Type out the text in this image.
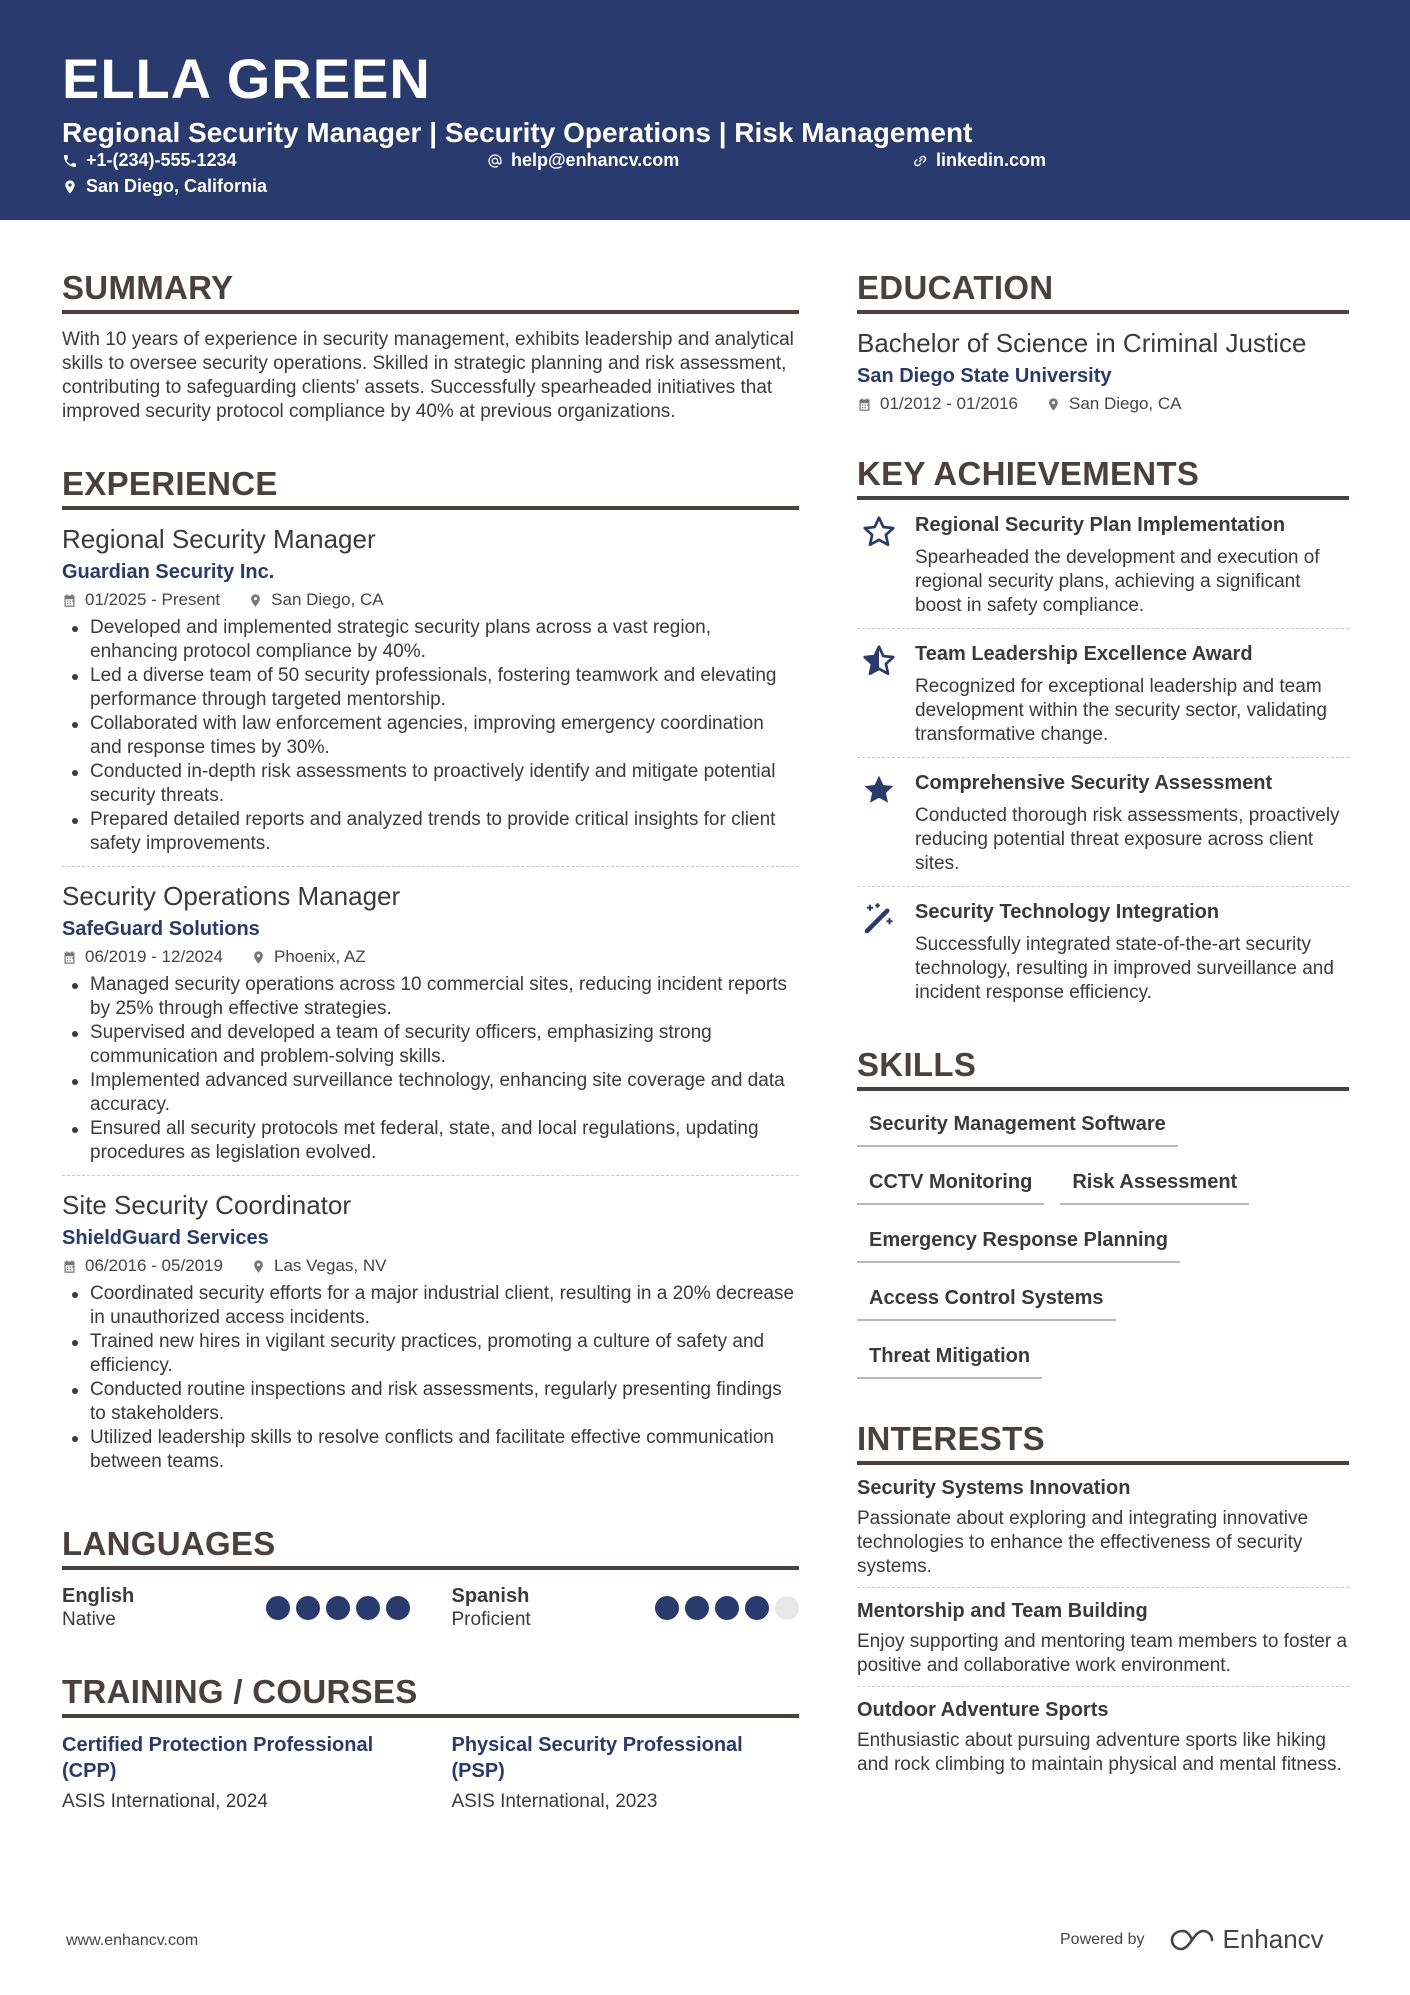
ELLA GREEN
Regional Security Manager | Security Operations | Risk Management
+1-(234)-555-1234	help@enhancv.com	linkedin.com
San Diego, California
SUMMARY
With 10 years of experience in security management, exhibits leadership and analytical skills to oversee security operations. Skilled in strategic planning and risk assessment, contributing to safeguarding clients' assets. Successfully spearheaded initiatives that improved security protocol compliance by 40% at previous organizations.
EXPERIENCE
Regional Security Manager
Guardian Security Inc.
01/2025 - Present	San Diego, CA
Developed and implemented strategic security plans across a vast region, enhancing protocol compliance by 40%.
Led a diverse team of 50 security professionals, fostering teamwork and elevating performance through targeted mentorship.
Collaborated with law enforcement agencies, improving emergency coordination and response times by 30%.
Conducted in-depth risk assessments to proactively identify and mitigate potential security threats.
Prepared detailed reports and analyzed trends to provide critical insights for client safety improvements.
Security Operations Manager
SafeGuard Solutions
06/2019 - 12/2024	Phoenix, AZ
Managed security operations across 10 commercial sites, reducing incident reports by 25% through effective strategies.
Supervised and developed a team of security officers, emphasizing strong communication and problem-solving skills.
Implemented advanced surveillance technology, enhancing site coverage and data accuracy.
Ensured all security protocols met federal, state, and local regulations, updating procedures as legislation evolved.
Site Security Coordinator
ShieldGuard Services
06/2016 - 05/2019	Las Vegas, NV
Coordinated security efforts for a major industrial client, resulting in a 20% decrease in unauthorized access incidents.
Trained new hires in vigilant security practices, promoting a culture of safety and efficiency.
Conducted routine inspections and risk assessments, regularly presenting findings to stakeholders.
Utilized leadership skills to resolve conflicts and facilitate effective communication between teams.
LANGUAGES
English
Native
Spanish
Proficient
TRAINING / COURSES
Certified Protection Professional (CPP)
ASIS International, 2024
Physical Security Professional (PSP)
ASIS International, 2023
EDUCATION
Bachelor of Science in Criminal Justice
San Diego State University
01/2012 - 01/2016	San Diego, CA
KEY ACHIEVEMENTS
Regional Security Plan Implementation
Spearheaded the development and execution of regional security plans, achieving a significant boost in safety compliance.
Team Leadership Excellence Award
Recognized for exceptional leadership and team development within the security sector, validating transformative change.
Comprehensive Security Assessment
Conducted thorough risk assessments, proactively reducing potential threat exposure across client sites.
Security Technology Integration
Successfully integrated state-of-the-art security technology, resulting in improved surveillance and incident response efficiency.
SKILLS
Security Management Software
CCTV Monitoring	Risk Assessment
Emergency Response Planning
Access Control Systems
Threat Mitigation
INTERESTS
Security Systems Innovation
Passionate about exploring and integrating innovative technologies to enhance the effectiveness of security systems.
Mentorship and Team Building
Enjoy supporting and mentoring team members to foster a positive and collaborative work environment.
Outdoor Adventure Sports
Enthusiastic about pursuing adventure sports like hiking and rock climbing to maintain physical and mental fitness.
www.enhancv.com	Powered by	Enhancv
